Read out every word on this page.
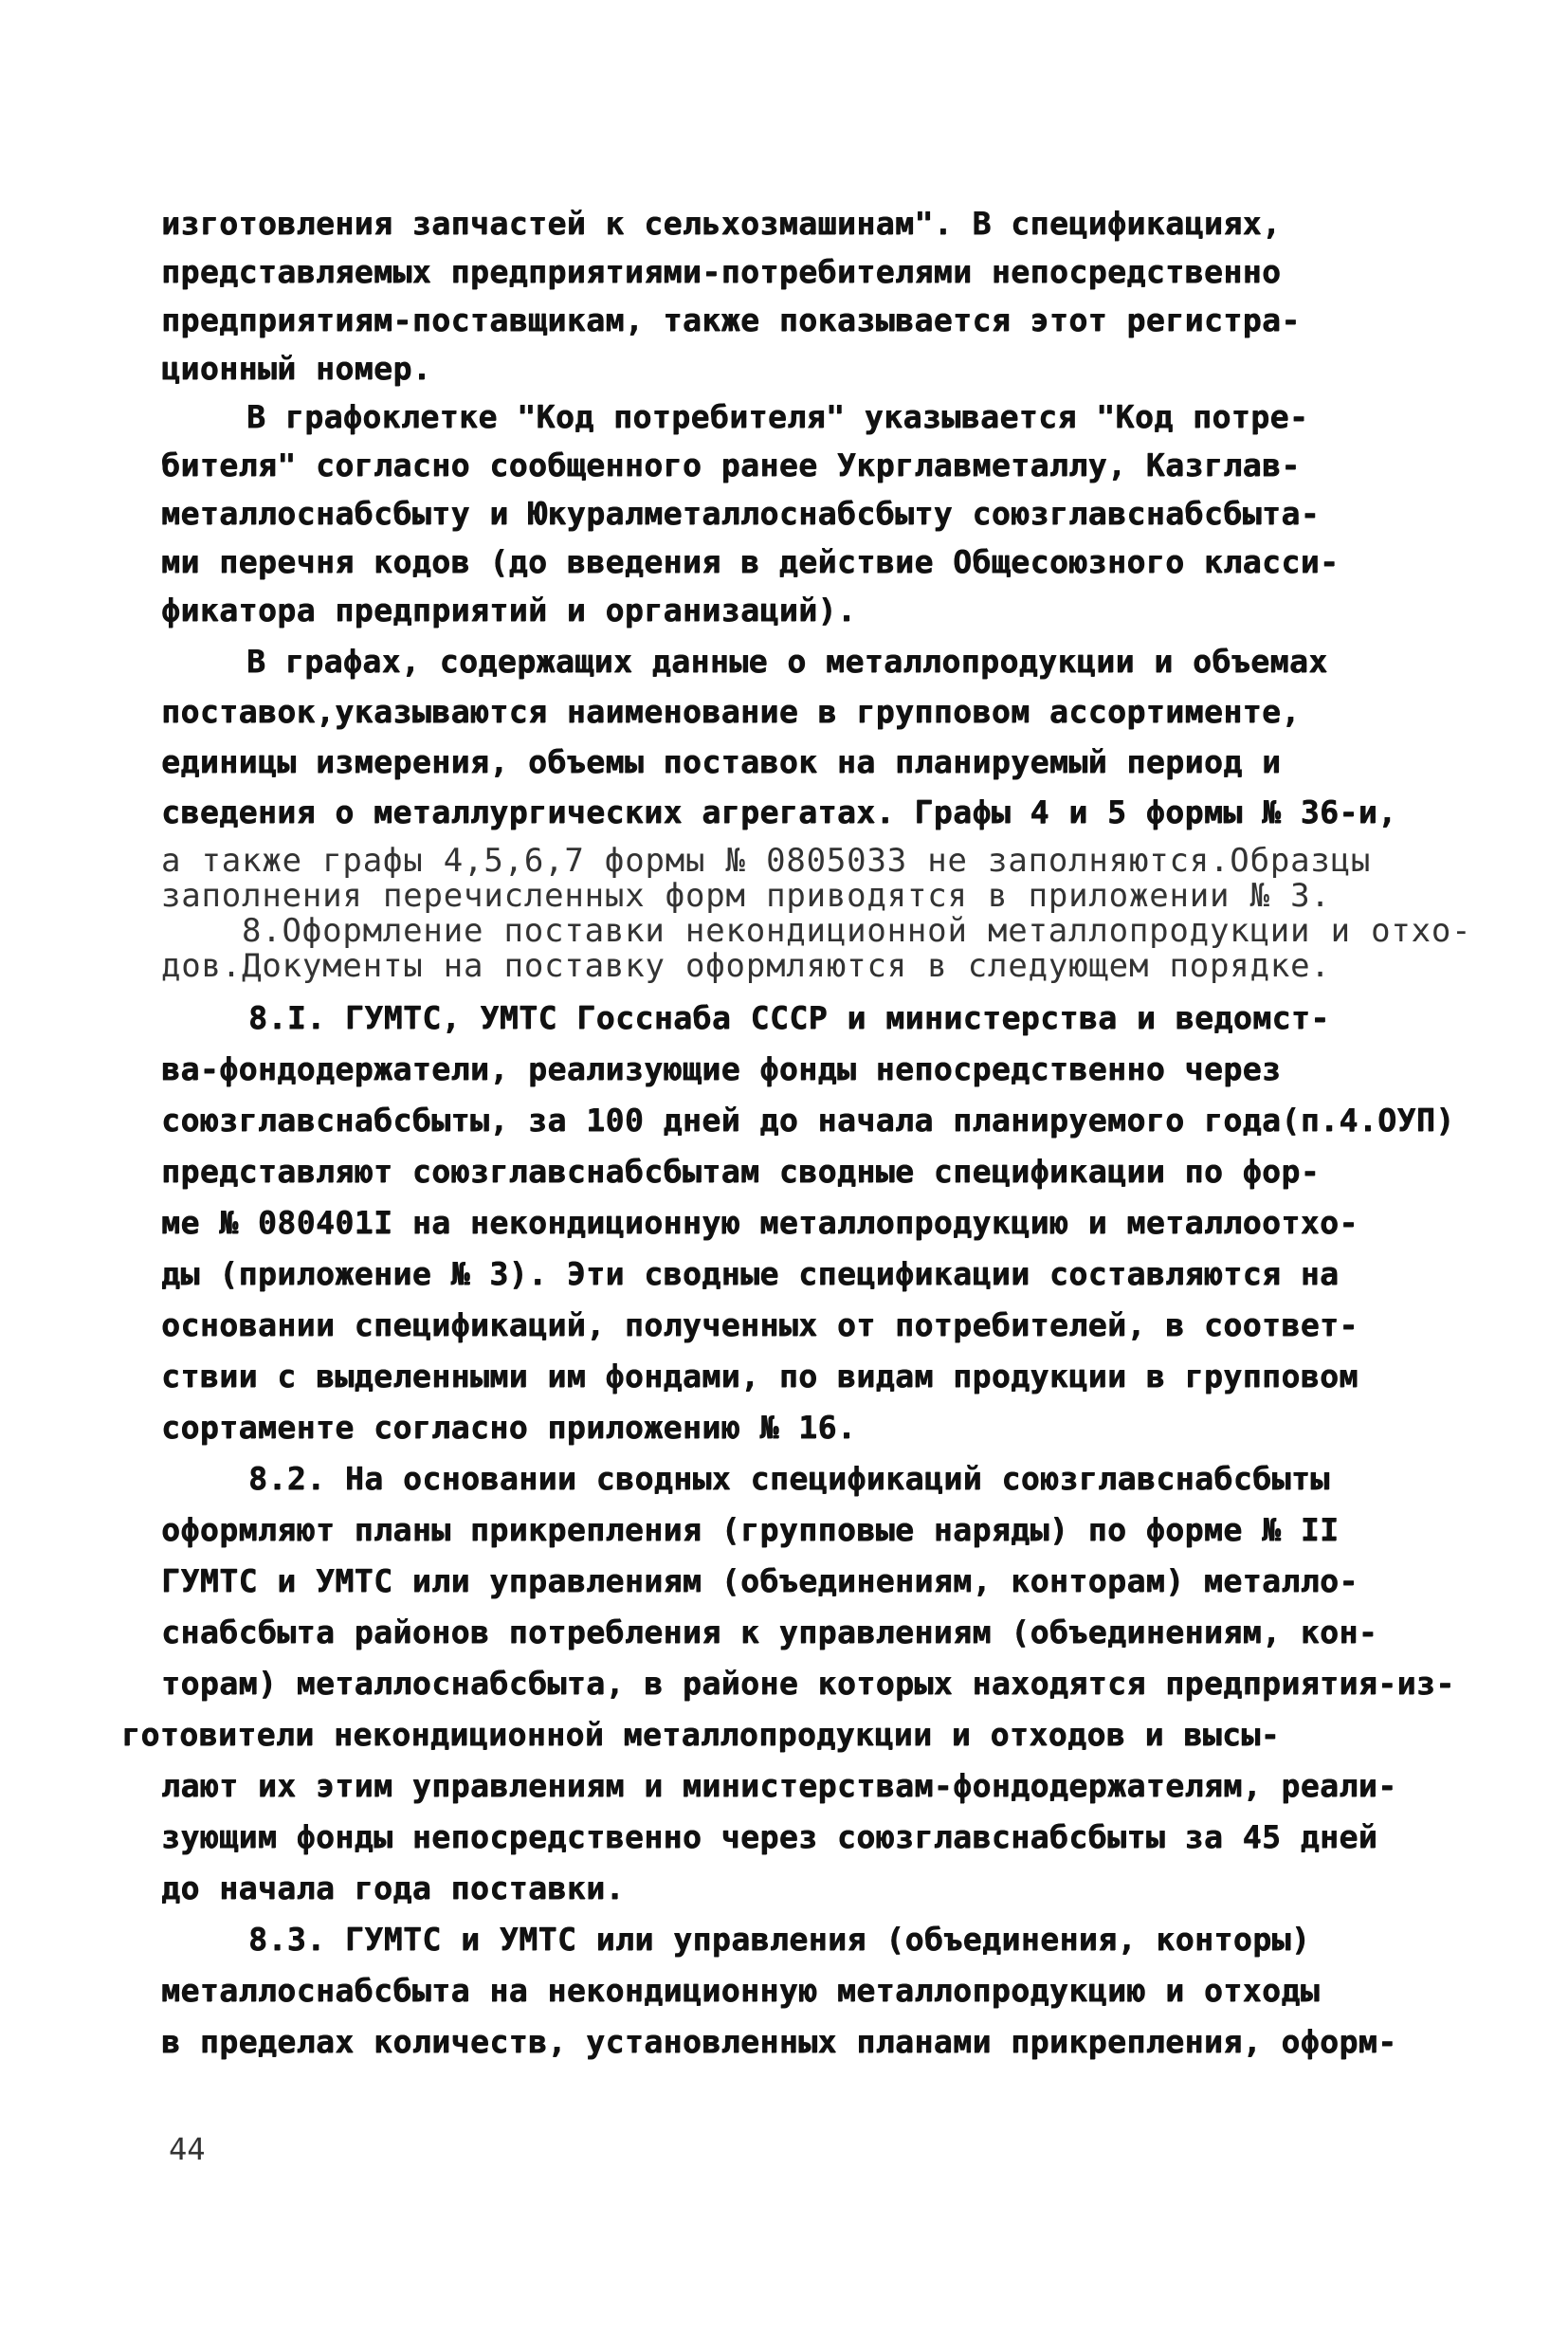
изготовления запчастей к сельхозмашинам". В спецификациях,
представляемых предприятиями-потребителями непосредственно
предприятиям-поставщикам, также показывается этот регистра-
ционный номер.
В графоклетке "Код потребителя" указывается "Код потре-
бителя" согласно сообщенного ранее Укрглавметаллу, Казглав-
металлоснабсбыту и Юкуралметаллоснабсбыту союзглавснабсбыта-
ми перечня кодов (до введения в действие Общесоюзного класси-
фикатора предприятий и организаций).
В графах, содержащих данные о металлопродукции и объемах
поставок,указываются наименование в групповом ассортименте,
единицы измерения, объемы поставок на планируемый период и
сведения о металлургических агрегатах. Графы 4 и 5 формы № 36-и,
а также графы 4,5,6,7 формы № 0805033 не заполняются.Образцы
заполнения перечисленных форм приводятся в приложении № 3.
8.Оформление поставки некондиционной металлопродукции и отхо-
дов.Документы на поставку оформляются в следующем порядке.
8.I. ГУМТС, УМТС Госснаба СССР и министерства и ведомст-
ва-фондодержатели, реализующие фонды непосредственно через
союзглавснабсбыты, за 100 дней до начала планируемого года(п.4.ОУП)
представляют союзглавснабсбытам сводные спецификации по фор-
ме № 080401I на некондиционную металлопродукцию и металлоотхо-
ды (приложение № 3). Эти сводные спецификации составляются на
основании спецификаций, полученных от потребителей, в соответ-
ствии с выделенными им фондами, по видам продукции в групповом
сортаменте согласно приложению № 16.
8.2. На основании сводных спецификаций союзглавснабсбыты
оформляют планы прикрепления (групповые наряды) по форме № II
ГУМТС и УМТС или управлениям (объединениям, конторам) металло-
снабсбыта районов потребления к управлениям (объединениям, кон-
торам) металлоснабсбыта, в районе которых находятся предприятия-из-
готовители некондиционной металлопродукции и отходов и высы-
лают их этим управлениям и министерствам-фондодержателям, реали-
зующим фонды непосредственно через союзглавснабсбыты за 45 дней
до начала года поставки.
8.3. ГУМТС и УМТС или управления (объединения, конторы)
металлоснабсбыта на некондиционную металлопродукцию и отходы
в пределах количеств, установленных планами прикрепления, оформ-
44
